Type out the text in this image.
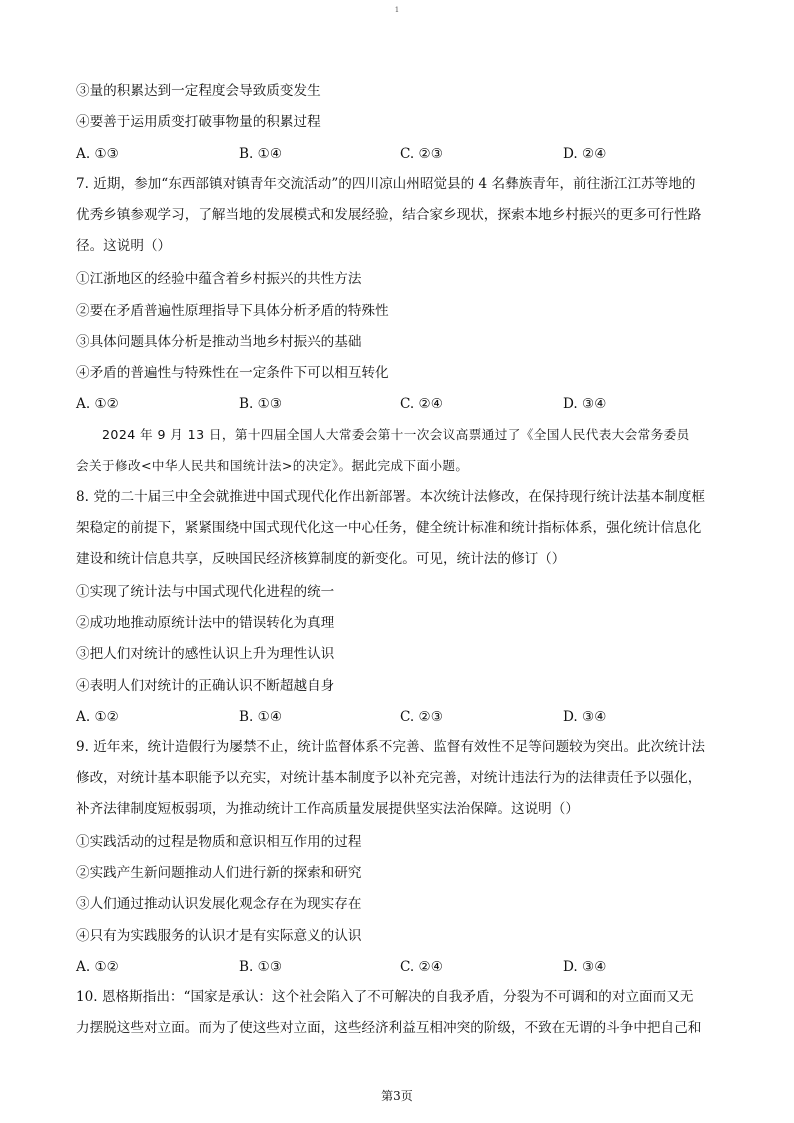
1
③量的积累达到一定程度会导致质变发生
④要善于运用质变打破事物量的积累过程
A. ①③	B. ①④	C. ②③	D. ②④
7. 近期，参加“东西部镇对镇青年交流活动”的四川凉山州昭觉县的 4 名彝族青年，前往浙江江苏等地的
优秀乡镇参观学习，了解当地的发展模式和发展经验，结合家乡现状，探索本地乡村振兴的更多可行性路
径。这说明（）
①江浙地区的经验中蕴含着乡村振兴的共性方法
②要在矛盾普遍性原理指导下具体分析矛盾的特殊性
③具体问题具体分析是推动当地乡村振兴的基础
④矛盾的普遍性与特殊性在一定条件下可以相互转化
A. ①②	B. ①③	C. ②④	D. ③④
　　2024 年 9 月 13 日，第十四届全国人大常委会第十一次会议高票通过了《全国人民代表大会常务委员
会关于修改<中华人民共和国统计法>的决定》。据此完成下面小题。
8. 党的二十届三中全会就推进中国式现代化作出新部署。本次统计法修改，在保持现行统计法基本制度框
架稳定的前提下，紧紧围绕中国式现代化这一中心任务，健全统计标准和统计指标体系，强化统计信息化
建设和统计信息共享，反映国民经济核算制度的新变化。可见，统计法的修订（）
①实现了统计法与中国式现代化进程的统一
②成功地推动原统计法中的错误转化为真理
③把人们对统计的感性认识上升为理性认识
④表明人们对统计的正确认识不断超越自身
A. ①②	B. ①④	C. ②③	D. ③④
9. 近年来，统计造假行为屡禁不止，统计监督体系不完善、监督有效性不足等问题较为突出。此次统计法
修改，对统计基本职能予以充实，对统计基本制度予以补充完善，对统计违法行为的法律责任予以强化，
补齐法律制度短板弱项，为推动统计工作高质量发展提供坚实法治保障。这说明（）
①实践活动的过程是物质和意识相互作用的过程
②实践产生新问题推动人们进行新的探索和研究
③人们通过推动认识发展化观念存在为现实存在
④只有为实践服务的认识才是有实际意义的认识
A. ①②	B. ①③	C. ②④	D. ③④
10. 恩格斯指出：“国家是承认：这个社会陷入了不可解决的自我矛盾，分裂为不可调和的对立面而又无
力摆脱这些对立面。而为了使这些对立面，这些经济利益互相冲突的阶级，不致在无谓的斗争中把自己和
第3页
